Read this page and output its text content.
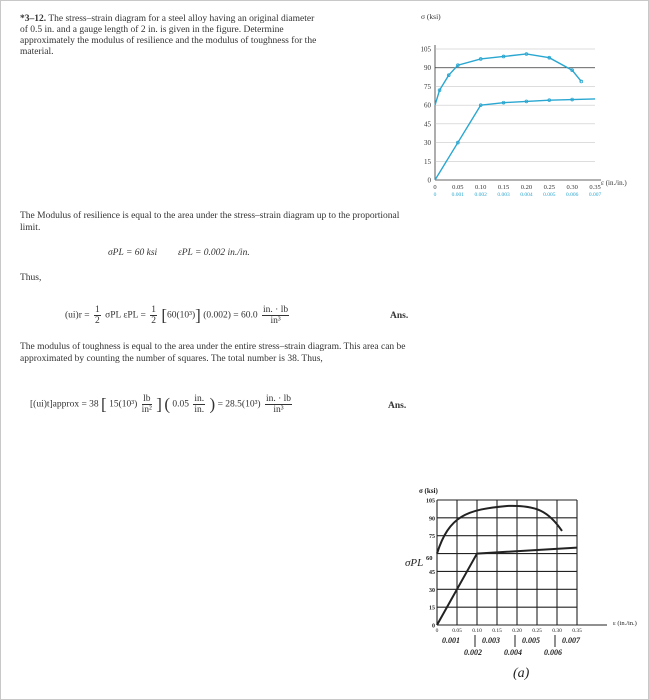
*3–12. The stress–strain diagram for a steel alloy having an original diameter of 0.5 in. and a gauge length of 2 in. is given in the figure. Determine approximately the modulus of resilience and the modulus of toughness for the material.
σ (ksi)
0
15
30
45
60
75
90
105
0 0.05 0.10 0.15 0.20 0.25 0.30 0.35
0	0.001 0.002 0.003 0.004 0.005 0.006 0.007
ε (in./in.)
The Modulus of resilience is equal to the area under the stress–strain diagram up to the proportional limit.
σPL = 60 ksi εPL = 0.002 in./in.
Thus,
$(ui)r = \frac{1}{2}$ σPL $\varepsilon PL = \frac{1}{2} [60(10^3)] (0.002) = 60.0 \frac{in. \cdot lb}{\text{in³}}$	Ans.
The modulus of toughness is equal to the area under the entire stress–strain diagram. This area can be approximated by counting the number of squares. The total number is 38. Thus,
[(ui)t]approx = 38 [ $15(10^3) \frac{lb}{\text{in²}}$ ] ( $0.05 \frac{in.}{in.}$ ) = $28.5(10^3) \frac{in. \cdot lb}{\text{in³}}$	Ans.
σ (ksi)
0
15
30
45
75
90
105
0	0.05 0.10 0.15 0.20 0.25 0.30 0.35
ε (in./in.)
σPL 60
0.001	0.003	0.005	0.007
0.002	0.004	0.006
(a)
